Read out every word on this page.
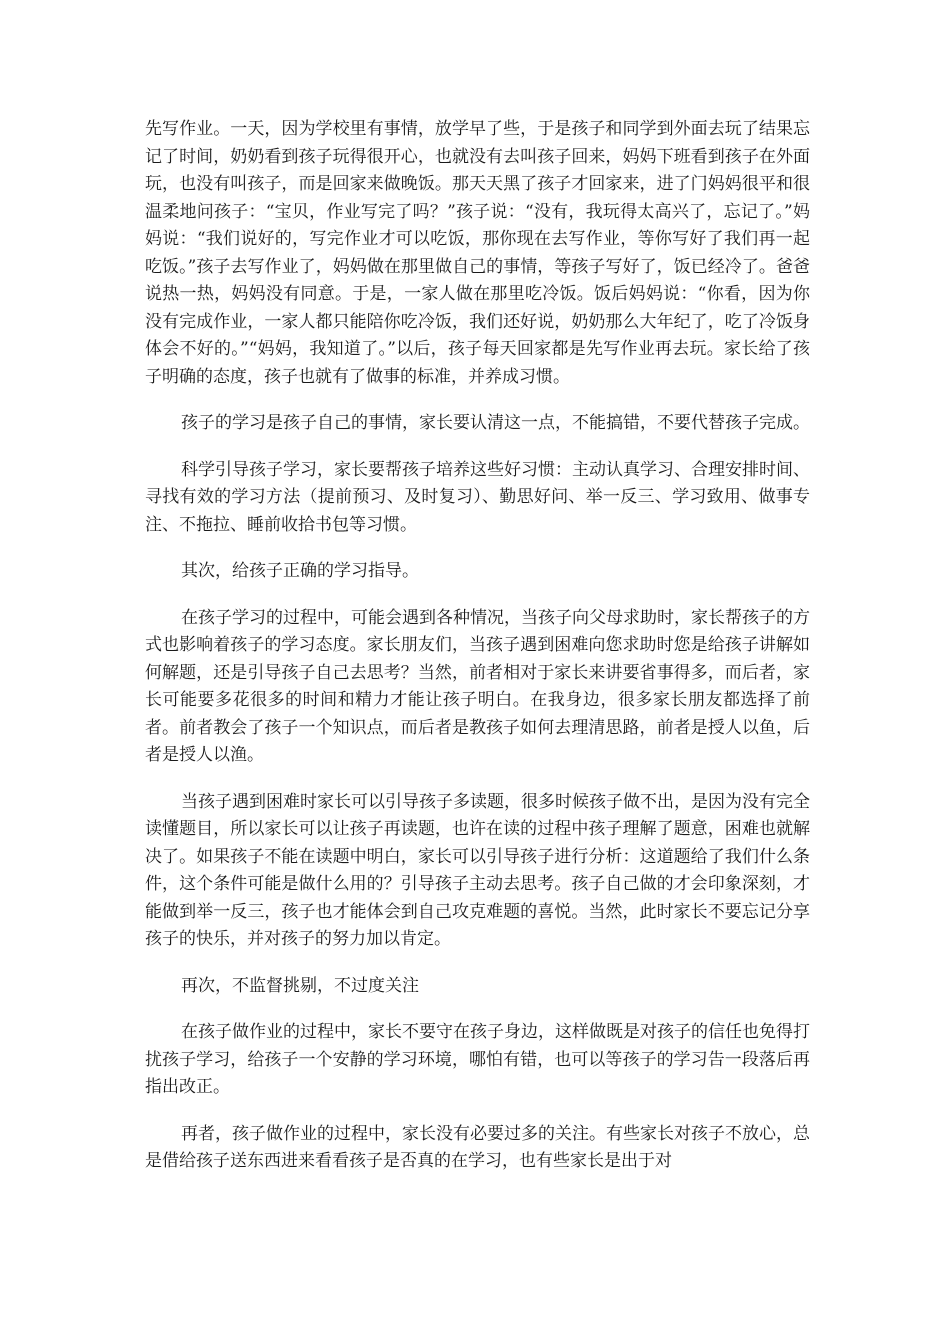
先写作业。一天，因为学校里有事情，放学早了些，于是孩子和同学到外面去玩了结果忘记了时间，奶奶看到孩子玩得很开心，也就没有去叫孩子回来，妈妈下班看到孩子在外面玩，也没有叫孩子，而是回家来做晚饭。那天天黑了孩子才回家来，进了门妈妈很平和很温柔地问孩子：“宝贝，作业写完了吗？”孩子说：“没有，我玩得太高兴了，忘记了。”妈妈说：“我们说好的，写完作业才可以吃饭，那你现在去写作业，等你写好了我们再一起吃饭。”孩子去写作业了，妈妈做在那里做自己的事情，等孩子写好了，饭已经冷了。爸爸说热一热，妈妈没有同意。于是，一家人做在那里吃冷饭。饭后妈妈说：“你看，因为你没有完成作业，一家人都只能陪你吃冷饭，我们还好说，奶奶那么大年纪了，吃了冷饭身体会不好的。”“妈妈，我知道了。”以后，孩子每天回家都是先写作业再去玩。家长给了孩子明确的态度，孩子也就有了做事的标准，并养成习惯。

孩子的学习是孩子自己的事情，家长要认清这一点，不能搞错，不要代替孩子完成。

科学引导孩子学习，家长要帮孩子培养这些好习惯：主动认真学习、合理安排时间、寻找有效的学习方法（提前预习、及时复习）、勤思好问、举一反三、学习致用、做事专注、不拖拉、睡前收拾书包等习惯。

其次，给孩子正确的学习指导。

在孩子学习的过程中，可能会遇到各种情况，当孩子向父母求助时，家长帮孩子的方式也影响着孩子的学习态度。家长朋友们，当孩子遇到困难向您求助时您是给孩子讲解如何解题，还是引导孩子自己去思考？当然，前者相对于家长来讲要省事得多，而后者，家长可能要多花很多的时间和精力才能让孩子明白。在我身边，很多家长朋友都选择了前者。前者教会了孩子一个知识点，而后者是教孩子如何去理清思路，前者是授人以鱼，后者是授人以渔。

当孩子遇到困难时家长可以引导孩子多读题，很多时候孩子做不出，是因为没有完全读懂题目，所以家长可以让孩子再读题，也许在读的过程中孩子理解了题意，困难也就解决了。如果孩子不能在读题中明白，家长可以引导孩子进行分析：这道题给了我们什么条件，这个条件可能是做什么用的？引导孩子主动去思考。孩子自己做的才会印象深刻，才能做到举一反三，孩子也才能体会到自己攻克难题的喜悦。当然，此时家长不要忘记分享孩子的快乐，并对孩子的努力加以肯定。

再次，不监督挑剔，不过度关注

在孩子做作业的过程中，家长不要守在孩子身边，这样做既是对孩子的信任也免得打扰孩子学习，给孩子一个安静的学习环境，哪怕有错，也可以等孩子的学习告一段落后再指出改正。

再者，孩子做作业的过程中，家长没有必要过多的关注。有些家长对孩子不放心，总是借给孩子送东西进来看看孩子是否真的在学习，也有些家长是出于对
